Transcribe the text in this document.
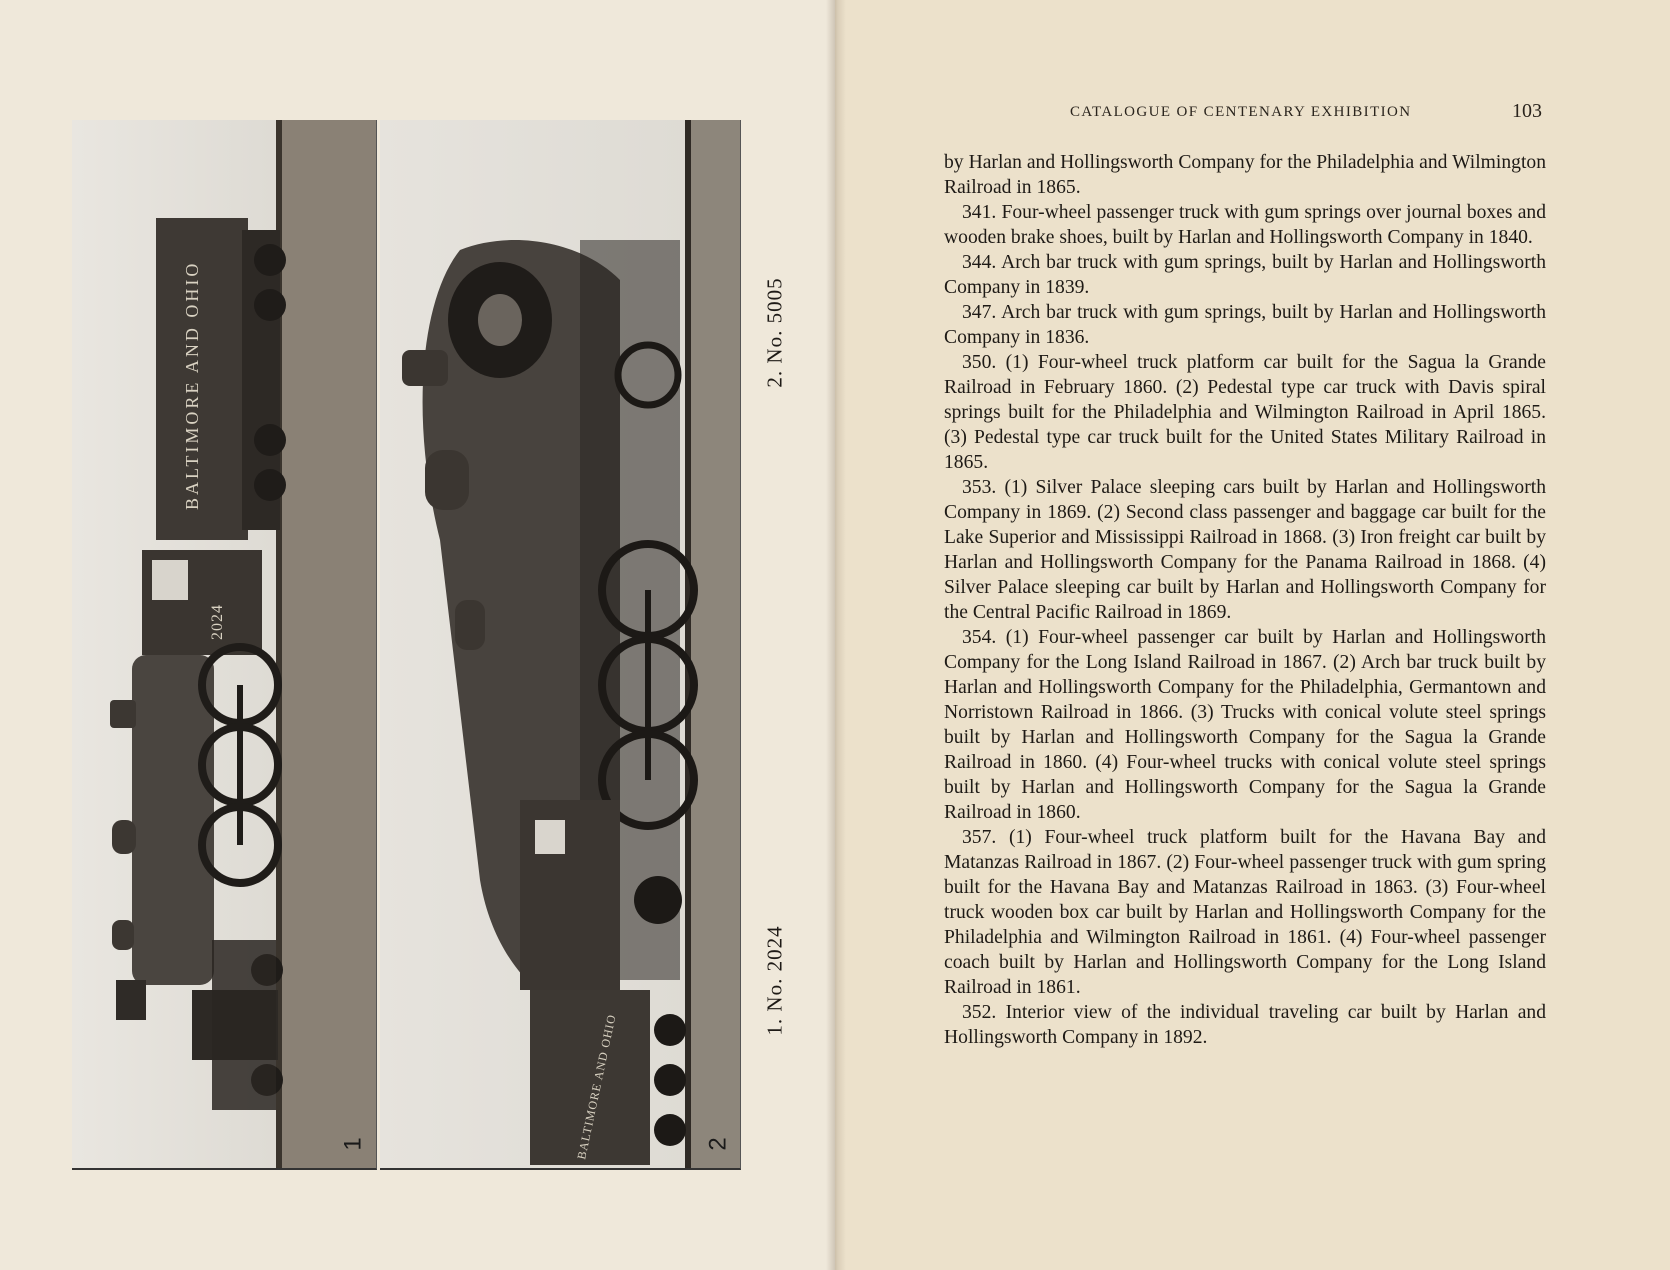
BALTIMORE AND OHIO
2024
1	BALTIMORE AND OHIO	2
1. No. 2024
2. No. 5005
CATALOGUE OF CENTENARY EXHIBITION	103

by Harlan and Hollingsworth Company for the Philadelphia and Wilmington Railroad in 1865.

341. Four-wheel passenger truck with gum springs over journal boxes and wooden brake shoes, built by Harlan and Hollingsworth Company in 1840.

344. Arch bar truck with gum springs, built by Harlan and Hollingsworth Company in 1839.

347. Arch bar truck with gum springs, built by Harlan and Hollingsworth Company in 1836.

350. (1) Four-wheel truck platform car built for the Sagua la Grande Railroad in February 1860. (2) Pedestal type car truck with Davis spiral springs built for the Philadelphia and Wilmington Railroad in April 1865. (3) Pedestal type car truck built for the United States Military Railroad in 1865.

353. (1) Silver Palace sleeping cars built by Harlan and Hollingsworth Company in 1869. (2) Second class passenger and baggage car built for the Lake Superior and Mississippi Railroad in 1868. (3) Iron freight car built by Harlan and Hollingsworth Company for the Panama Railroad in 1868. (4) Silver Palace sleeping car built by Harlan and Hollingsworth Company for the Central Pacific Railroad in 1869.

354. (1) Four-wheel passenger car built by Harlan and Hollingsworth Company for the Long Island Railroad in 1867. (2) Arch bar truck built by Harlan and Hollingsworth Company for the Philadelphia, Germantown and Norristown Railroad in 1866. (3) Trucks with conical volute steel springs built by Harlan and Hollingsworth Company for the Sagua la Grande Railroad in 1860. (4) Four-wheel trucks with conical volute steel springs built by Harlan and Hollingsworth Company for the Sagua la Grande Railroad in 1860.

357. (1) Four-wheel truck platform built for the Havana Bay and Matanzas Railroad in 1867. (2) Four-wheel passenger truck with gum spring built for the Havana Bay and Matanzas Railroad in 1863. (3) Four-wheel truck wooden box car built by Harlan and Hollingsworth Company for the Philadelphia and Wilmington Railroad in 1861. (4) Four-wheel passenger coach built by Harlan and Hollingsworth Company for the Long Island Railroad in 1861.

352. Interior view of the individual traveling car built by Harlan and Hollingsworth Company in 1892.
